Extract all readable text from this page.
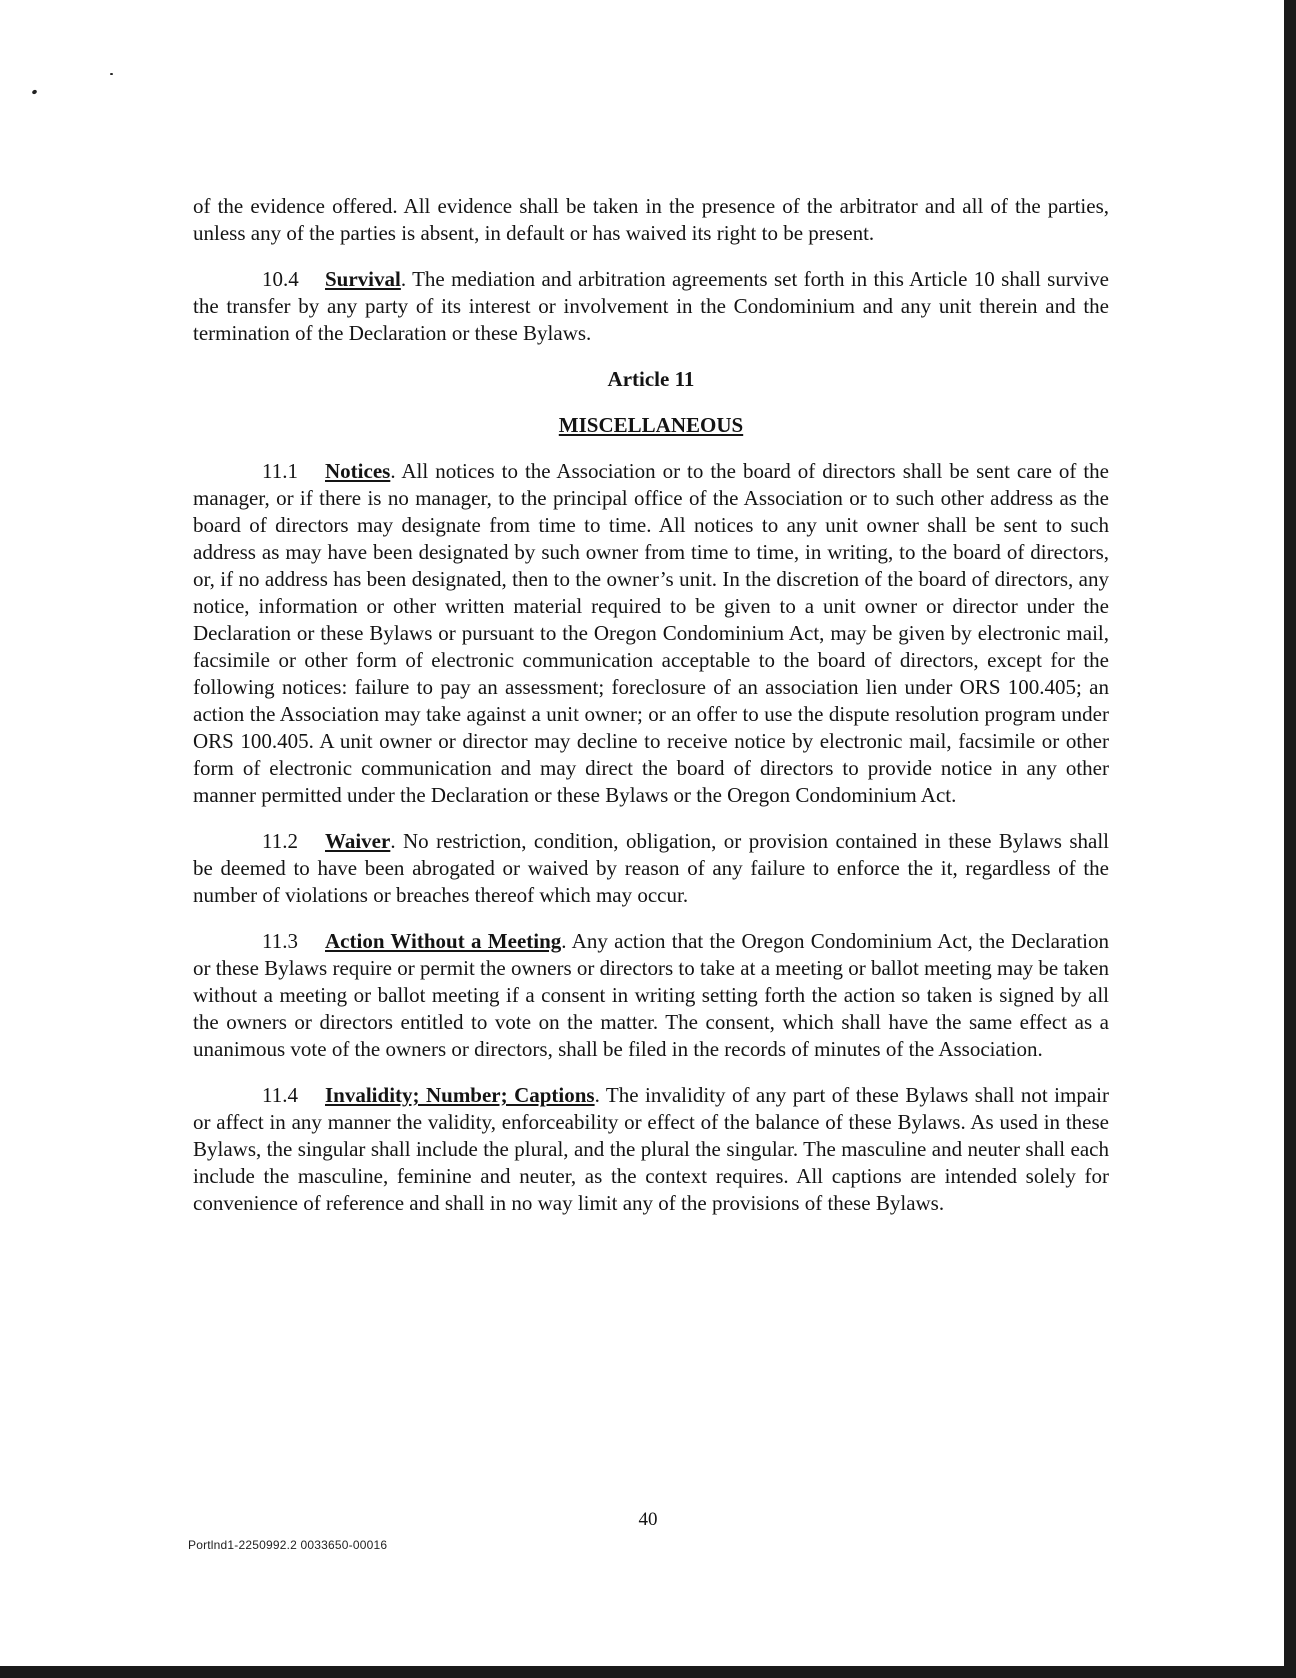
of the evidence offered. All evidence shall be taken in the presence of the arbitrator and all of the parties, unless any of the parties is absent, in default or has waived its right to be present.

10.4 Survival. The mediation and arbitration agreements set forth in this Article 10 shall survive the transfer by any party of its interest or involvement in the Condominium and any unit therein and the termination of the Declaration or these Bylaws.

Article 11
MISCELLANEOUS

11.1 Notices. All notices to the Association or to the board of directors shall be sent care of the manager, or if there is no manager, to the principal office of the Association or to such other address as the board of directors may designate from time to time. All notices to any unit owner shall be sent to such address as may have been designated by such owner from time to time, in writing, to the board of directors, or, if no address has been designated, then to the owner’s unit. In the discretion of the board of directors, any notice, information or other written material required to be given to a unit owner or director under the Declaration or these Bylaws or pursuant to the Oregon Condominium Act, may be given by electronic mail, facsimile or other form of electronic communication acceptable to the board of directors, except for the following notices: failure to pay an assessment; foreclosure of an association lien under ORS 100.405; an action the Association may take against a unit owner; or an offer to use the dispute resolution program under ORS 100.405. A unit owner or director may decline to receive notice by electronic mail, facsimile or other form of electronic communication and may direct the board of directors to provide notice in any other manner permitted under the Declaration or these Bylaws or the Oregon Condominium Act.

11.2 Waiver. No restriction, condition, obligation, or provision contained in these Bylaws shall be deemed to have been abrogated or waived by reason of any failure to enforce the it, regardless of the number of violations or breaches thereof which may occur.

11.3 Action Without a Meeting. Any action that the Oregon Condominium Act, the Declaration or these Bylaws require or permit the owners or directors to take at a meeting or ballot meeting may be taken without a meeting or ballot meeting if a consent in writing setting forth the action so taken is signed by all the owners or directors entitled to vote on the matter. The consent, which shall have the same effect as a unanimous vote of the owners or directors, shall be filed in the records of minutes of the Association.

11.4 Invalidity; Number; Captions. The invalidity of any part of these Bylaws shall not impair or affect in any manner the validity, enforceability or effect of the balance of these Bylaws. As used in these Bylaws, the singular shall include the plural, and the plural the singular. The masculine and neuter shall each include the masculine, feminine and neuter, as the context requires. All captions are intended solely for convenience of reference and shall in no way limit any of the provisions of these Bylaws.

40
Portlnd1-2250992.2 0033650-00016
